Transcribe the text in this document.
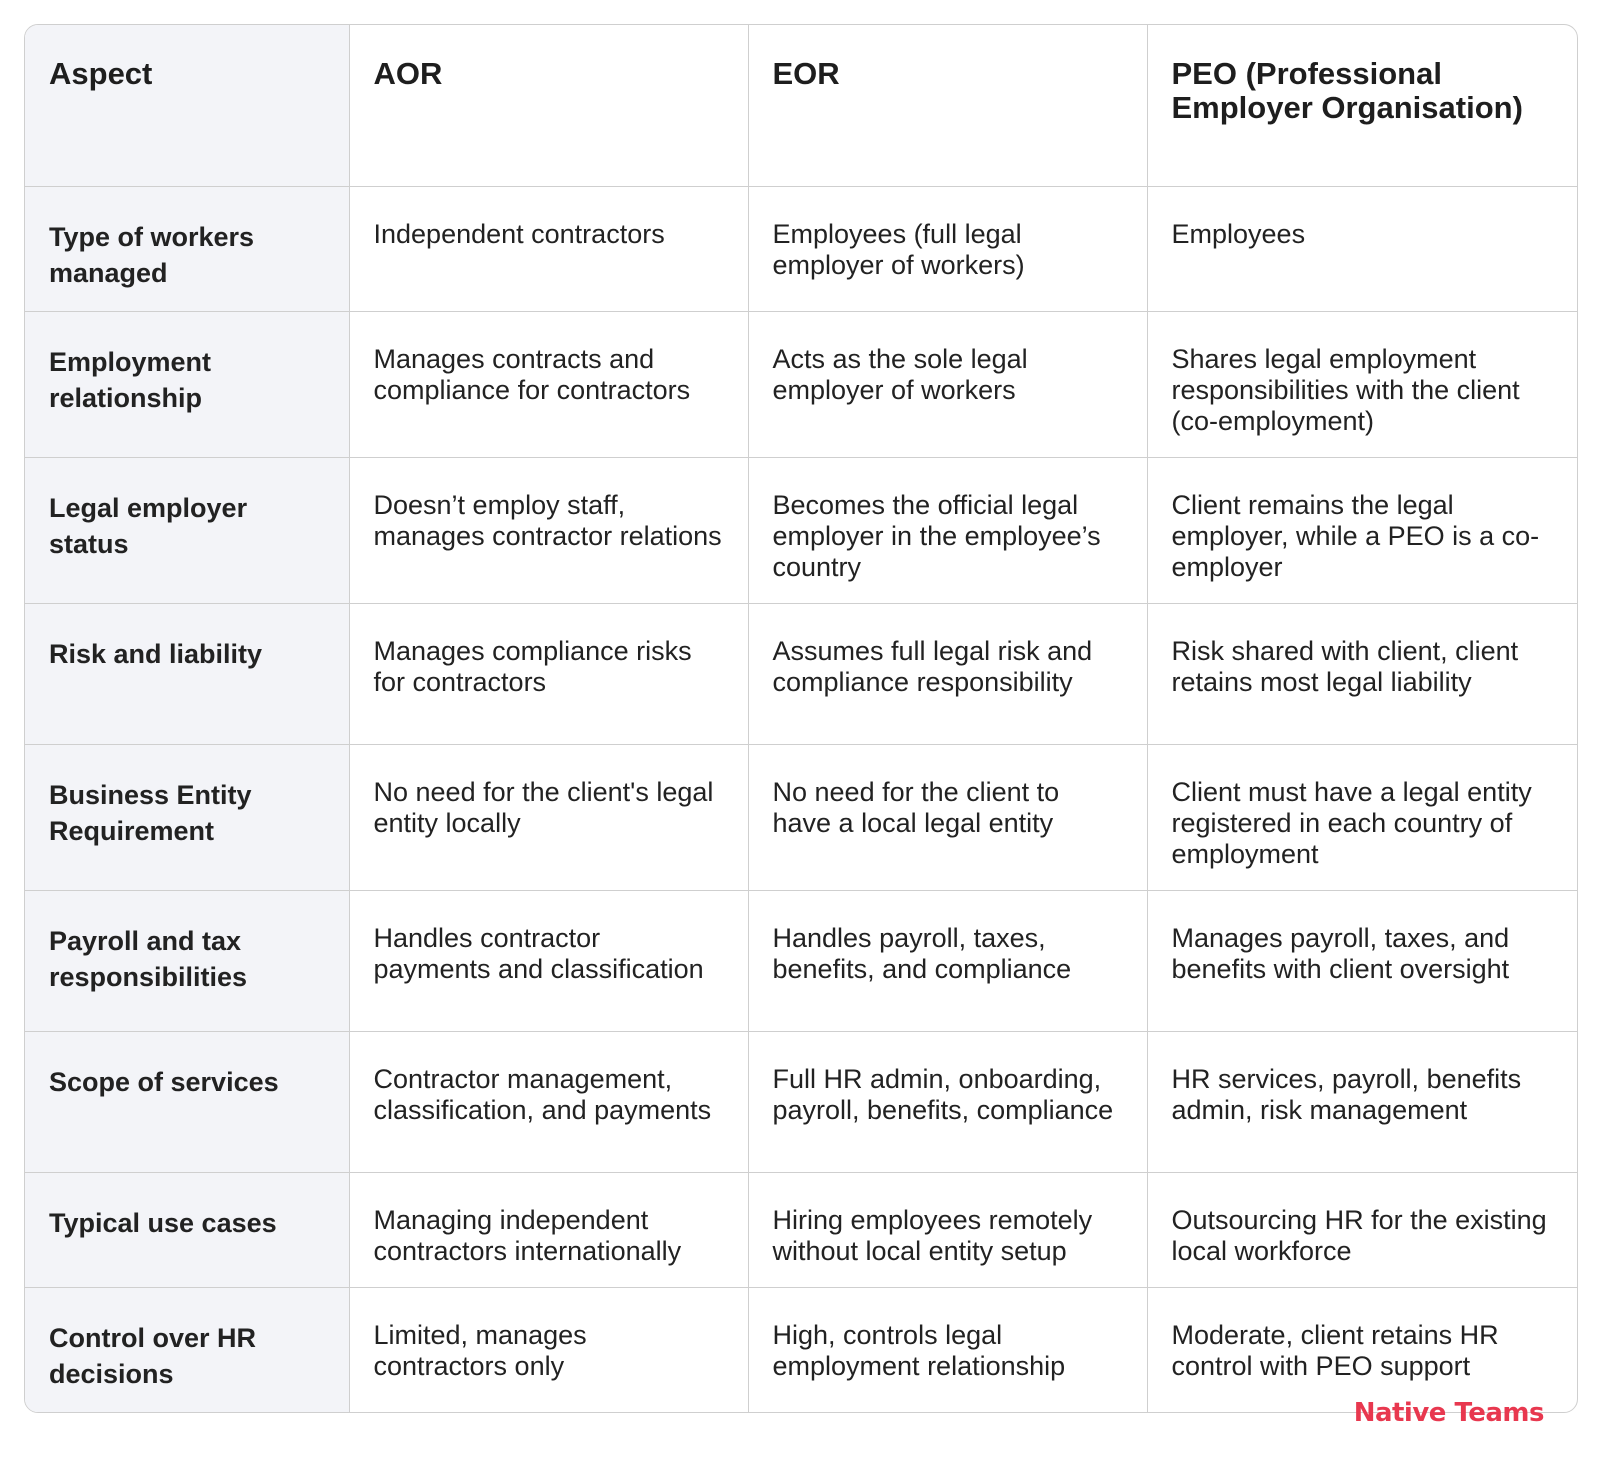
Aspect	AOR	EOR	PEO (Professional Employer Organisation)
Type of workers managed	Independent contractors	Employees (full legal employer of workers)	Employees
Employment relationship	Manages contracts and compliance for contractors	Acts as the sole legal employer of workers	Shares legal employment responsibilities with the client (co-employment)
Legal employer status	Doesn’t employ staff, manages contractor relations	Becomes the official legal employer in the employee’s country	Client remains the legal employer, while a PEO is a co-employer
Risk and liability	Manages compliance risks for contractors	Assumes full legal risk and compliance responsibility	Risk shared with client, client retains most legal liability
Business Entity Requirement	No need for the client's legal entity locally	No need for the client to have a local legal entity	Client must have a legal entity registered in each country of employment
Payroll and tax responsibilities	Handles contractor payments and classification	Handles payroll, taxes, benefits, and compliance	Manages payroll, taxes, and benefits with client oversight
Scope of services	Contractor management, classification, and payments	Full HR admin, onboarding, payroll, benefits, compliance	HR services, payroll, benefits admin, risk management
Typical use cases	Managing independent contractors internationally	Hiring employees remotely without local entity setup	Outsourcing HR for the existing local workforce
Control over HR decisions	Limited, manages contractors only	High, controls legal employment relationship	Moderate, client retains HR control with PEO support
Native Teams
